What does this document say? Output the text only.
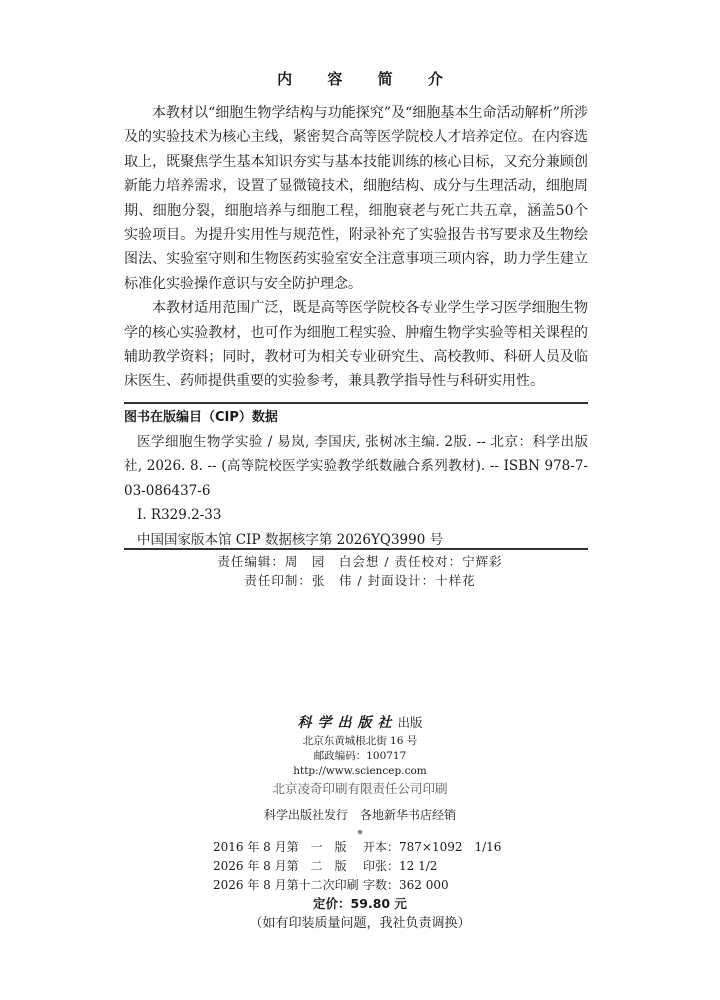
内 容 简 介

本教材以“细胞生物学结构与功能探究”及“细胞基本生命活动解析”所涉及的实验技术为核心主线，紧密契合高等医学院校人才培养定位。在内容选取上，既聚焦学生基本知识夯实与基本技能训练的核心目标，又充分兼顾创新能力培养需求，设置了显微镜技术，细胞结构、成分与生理活动，细胞周期、细胞分裂，细胞培养与细胞工程，细胞衰老与死亡共五章，涵盖50个实验项目。为提升实用性与规范性，附录补充了实验报告书写要求及生物绘图法、实验室守则和生物医药实验室安全注意事项三项内容，助力学生建立标准化实验操作意识与安全防护理念。

本教材适用范围广泛，既是高等医学院校各专业学生学习医学细胞生物学的核心实验教材，也可作为细胞工程实验、肿瘤生物学实验等相关课程的辅助教学资料；同时，教材可为相关专业研究生、高校教师、科研人员及临床医生、药师提供重要的实验参考，兼具教学指导性与科研实用性。

图书在版编目（CIP）数据
医学细胞生物学实验 / 易岚, 李国庆, 张树冰主编. 2版. -- 北京：科学出版社, 2026. 8. -- (高等院校医学实验教学纸数融合系列教材). -- ISBN 978-7-03-086437-6
Ⅰ. R329.2-33
中国国家版本馆 CIP 数据核字第 2026YQ3990 号
责任编辑：周　园　白会想 / 责任校对：宁辉彩
责任印制：张　伟 / 封面设计：十样花
科学出版社出版
北京东黄城根北街 16 号
邮政编码：100717
http://www.sciencep.com
北京凌奇印刷有限责任公司印刷
科学出版社发行　各地新华书店经销
*
2016 年 8 月第　一　版	开本：787×1092　1/16
2026 年 8 月第　二　版	印张：12 1/2
2026 年 8 月第十二次印刷 字数：362 000
定价：59.80 元
（如有印装质量问题，我社负责调换）
